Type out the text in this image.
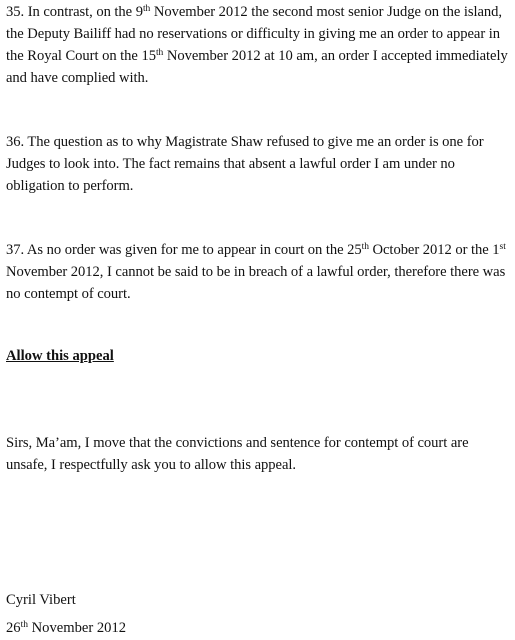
35. In contrast, on the 9th November 2012 the second most senior Judge on the island, the Deputy Bailiff had no reservations or difficulty in giving me an order to appear in the Royal Court on the 15th November 2012 at 10 am, an order I accepted immediately and have complied with.

36. The question as to why Magistrate Shaw refused to give me an order is one for Judges to look into. The fact remains that absent a lawful order I am under no obligation to perform.

37. As no order was given for me to appear in court on the 25th October 2012 or the 1st November 2012, I cannot be said to be in breach of a lawful order, therefore there was no contempt of court.

Allow this appeal

Sirs, Ma’am, I move that the convictions and sentence for contempt of court are unsafe, I respectfully ask you to allow this appeal.

Cyril Vibert

26th November 2012
